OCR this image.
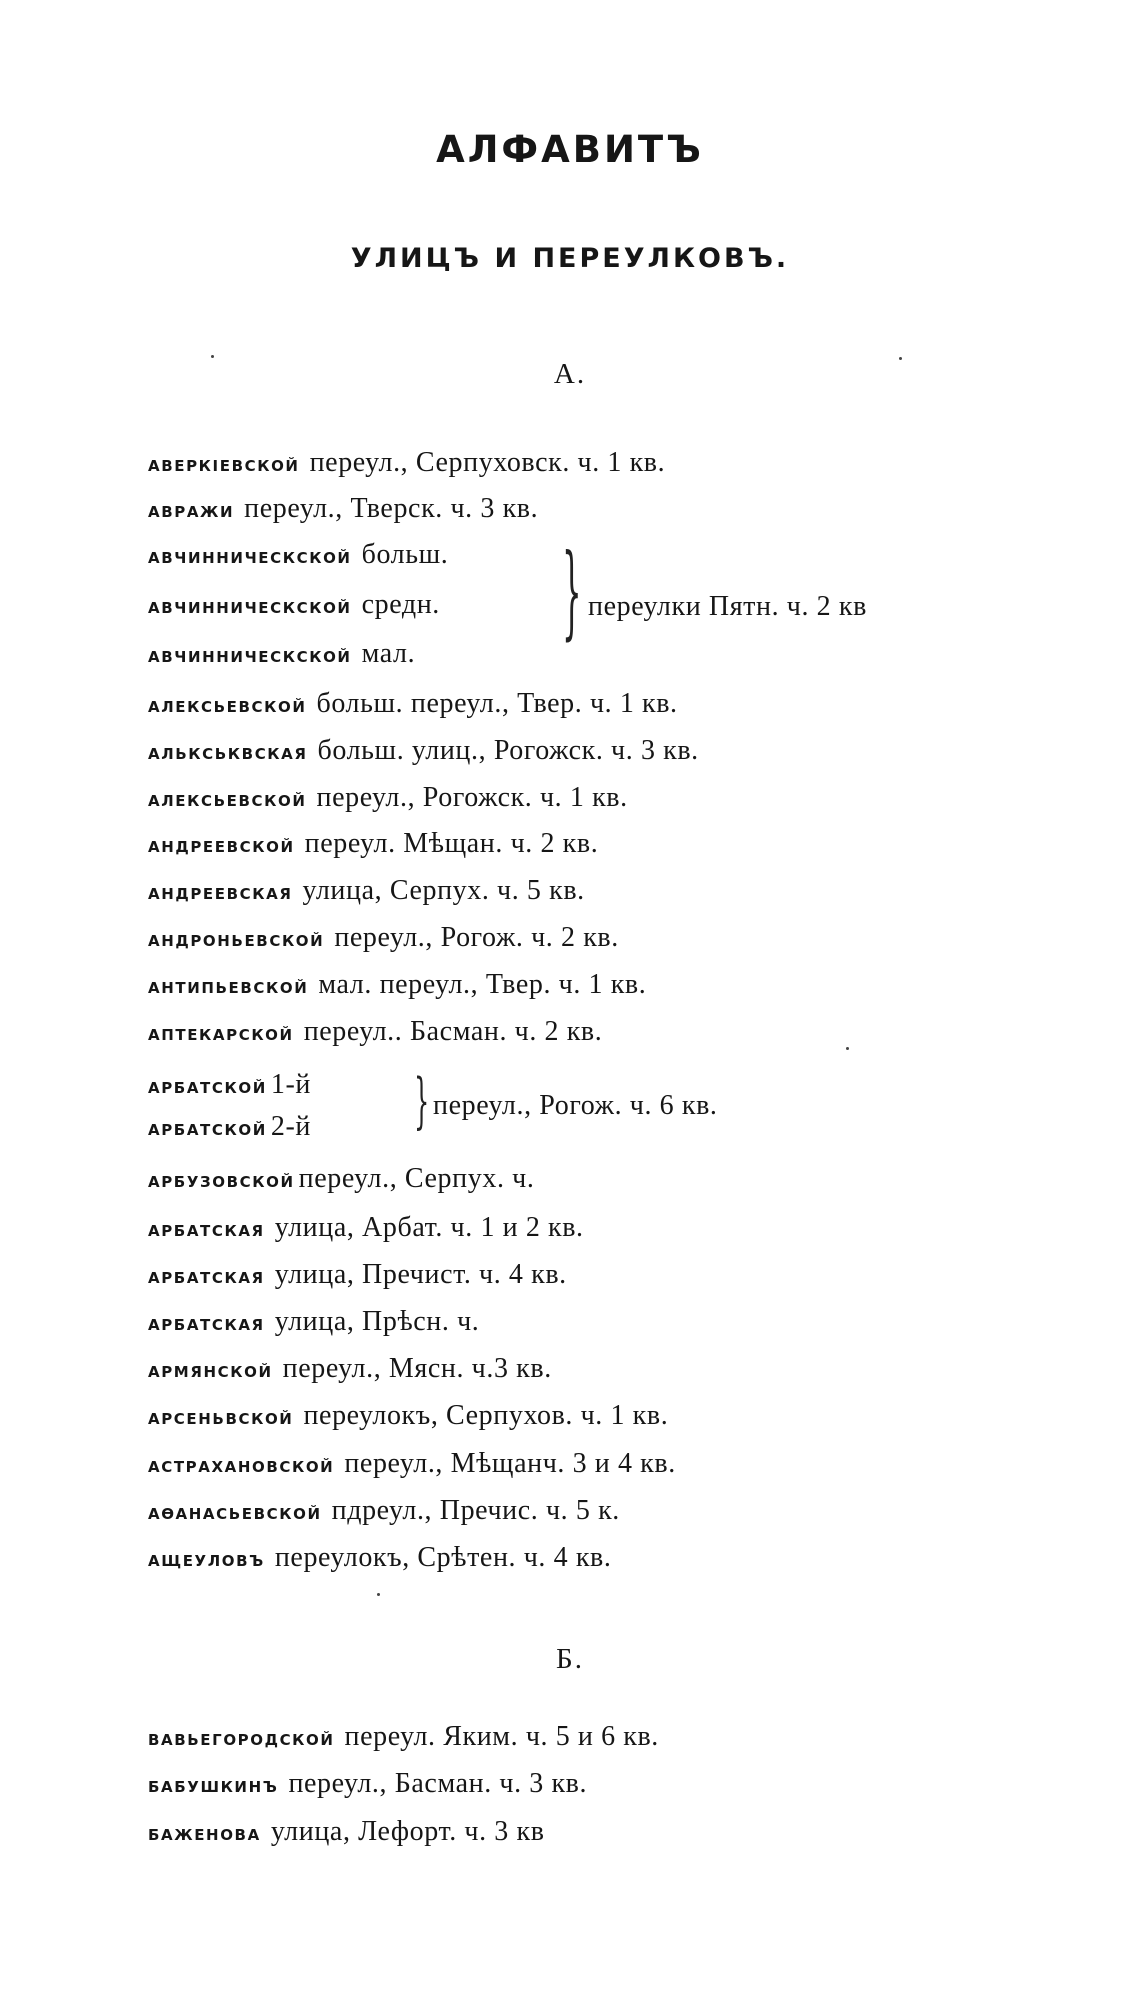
АЛФАВИТЪ
УЛИЦЪ И ПЕРЕУЛКОВЪ.
А.
аверкіевской переул., Серпуховск. ч. 1 кв.
авражи переул., Тверск. ч. 3 кв.
авчинническской больш.
авчинническской средн.
авчинническской мал.
} переулки Пятн. ч. 2 кв
алексьевской больш. переул., Твер. ч. 1 кв.
алькськвская больш. улиц., Рогожск. ч. 3 кв.
алексьевской переул., Рогожск. ч. 1 кв.
андреевской переул. Мѣщан. ч. 2 кв.
андреевская улица, Серпух. ч. 5 кв.
андроньевской переул., Рогож. ч. 2 кв.
антипьевской мал. переул., Твер. ч. 1 кв.
аптекарской переул.. Басман. ч. 2 кв.
арбатской 1-й
арбатской 2-й	} переул., Рогож. ч. 6 кв.
арбузовской переул., Серпух. ч.
арбатская улица, Арбат. ч. 1 и 2 кв.
арбатская улица, Пречист. ч. 4 кв.
арбатская улица, Прѣсн. ч.
армянской переул., Мясн. ч.3 кв.
арсеньвской переулокъ, Серпухов. ч. 1 кв.
астрахановской переул., Мѣщанч. 3 и 4 кв.
аѳанасьевской пдреул., Пречис. ч. 5 к.
ащеуловъ переулокъ, Срѣтен. ч. 4 кв.
Б.
вавьегородской переул. Яким. ч. 5 и 6 кв.
бабушкинъ переул., Басман. ч. 3 кв.
баженова улица, Лефорт. ч. 3 кв
